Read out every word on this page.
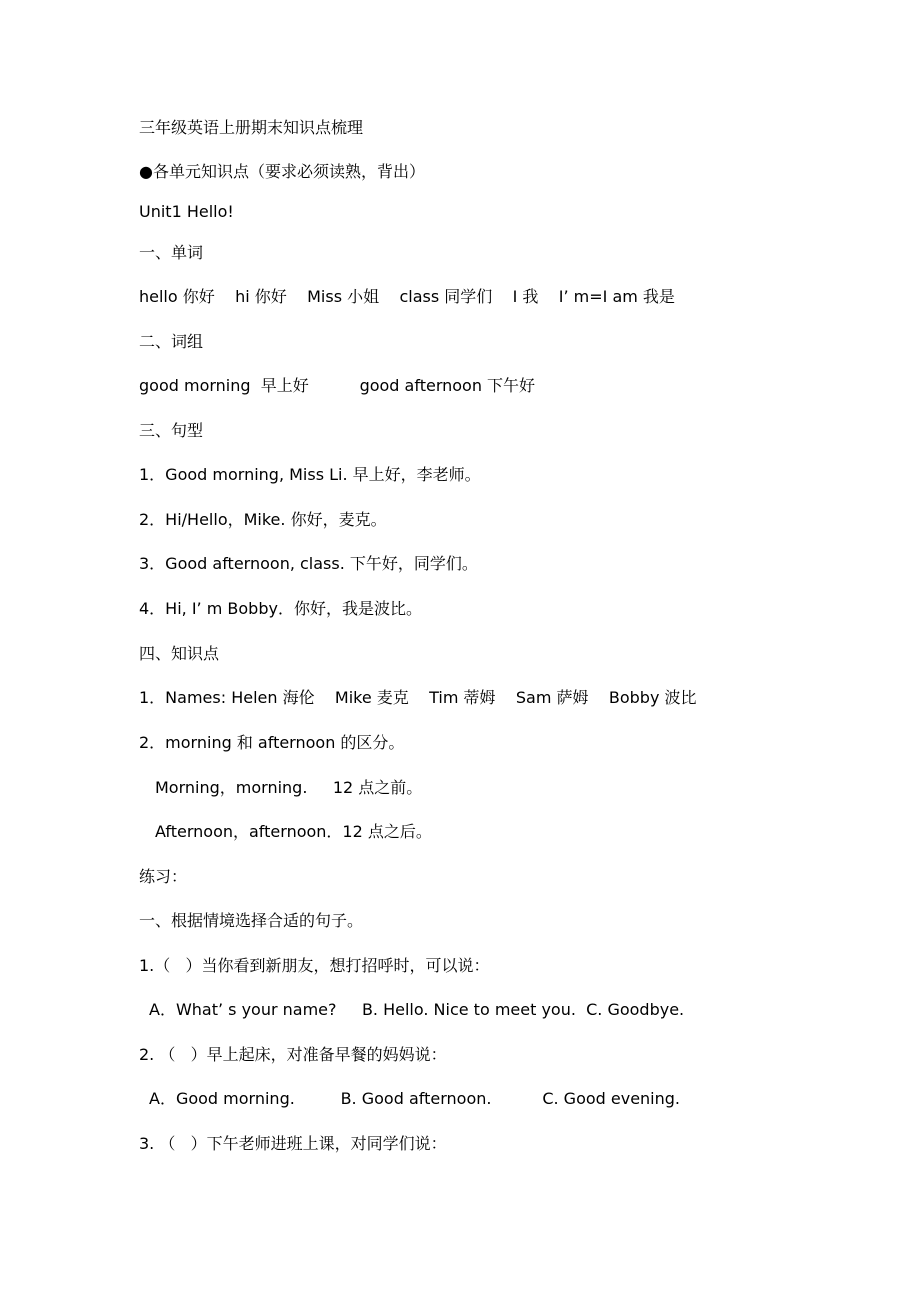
三年级英语上册期末知识点梳理
●各单元知识点（要求必须读熟，背出）
Unit1 Hello!
一、单词
hello 你好    hi 你好    Miss 小姐    class 同学们    I 我    I’ m=I am 我是
二、词组
good morning  早上好          good afternoon 下午好
三、句型
1．Good morning, Miss Li. 早上好，李老师。
2．Hi/Hello，Mike. 你好，麦克。
3．Good afternoon, class. 下午好，同学们。
4．Hi, I’ m Bobby．你好，我是波比。
四、知识点
1．Names: Helen 海伦    Mike 麦克    Tim 蒂姆    Sam 萨姆    Bobby 波比
2．morning 和 afternoon 的区分。
Morning，morning.     12 点之前。
Afternoon，afternoon．12 点之后。
练习：
一、根据情境选择合适的句子。
1.（   ）当你看到新朋友，想打招呼时，可以说：
A．What’ s your name?     B. Hello. Nice to meet you.  C. Goodbye.
2. （   ）早上起床，对准备早餐的妈妈说：
A．Good morning.         B. Good afternoon.          C. Good evening.
3. （   ）下午老师进班上课，对同学们说：
